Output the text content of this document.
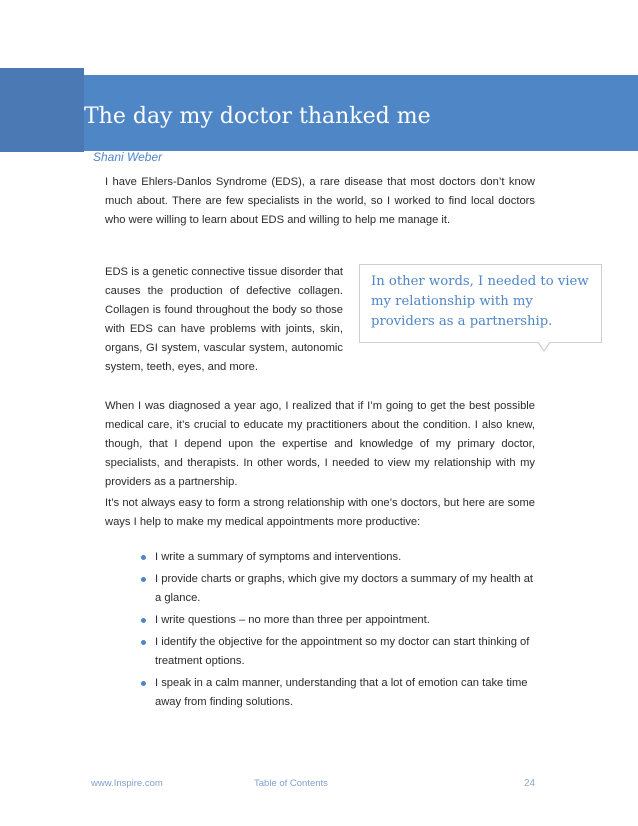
The day my doctor thanked me
Shani Weber

I have Ehlers-Danlos Syndrome (EDS), a rare disease that most doctors don’t know much about. There are few specialists in the world, so I worked to find local doctors who were willing to learn about EDS and willing to help me manage it.

EDS is a genetic connective tissue disorder that causes the production of defective collagen. Collagen is found throughout the body so those with EDS can have problems with joints, skin, organs, GI system, vascular system, autonomic system, teeth, eyes, and more.

In other words, I needed to view my relationship with my providers as a partnership.

When I was diagnosed a year ago, I realized that if I’m going to get the best possible medical care, it’s crucial to educate my practitioners about the condition. I also knew, though, that I depend upon the expertise and knowledge of my primary doctor, specialists, and therapists. In other words, I needed to view my relationship with my providers as a partnership.

It’s not always easy to form a strong relationship with one’s doctors, but here are some ways I help to make my medical appointments more productive:

I write a summary of symptoms and interventions.
I provide charts or graphs, which give my doctors a summary of my health at a glance.
I write questions – no more than three per appointment.
I identify the objective for the appointment so my doctor can start thinking of treatment options.
I speak in a calm manner, understanding that a lot of emotion can take time away from finding solutions.
www.Inspire.com	Table of Contents	24
